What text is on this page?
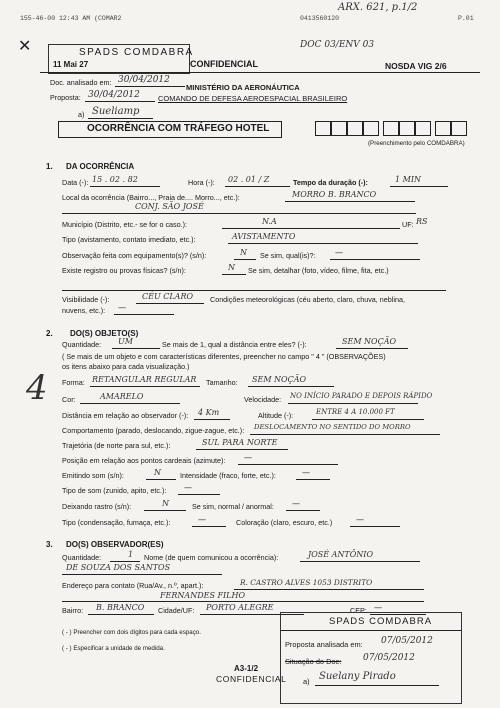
155-46-00 12:43 AM (COMAR2	0413560120	P.01
ARX. 621, p.1/2
DOC 03/ENV 03
✕	SPADS COMDABRA
11 Mai 27	CONFIDENCIAL	NOSDA VIG 2/6
Doc. analisado em: 30/04/2012
MINISTÉRIO DA AERONÁUTICA
Proposta: 30/04/2012 COMANDO DE DEFESA AEROESPACIAL BRASILEIRO
a) Sueliamp
OCORRÊNCIA COM TRÁFEGO HOTEL
(Preenchimento pelo COMDABRA)
1. DA OCORRÊNCIA
Data (-): 15 . 02 . 82	Hora (-): 02 . 01 / Z	Tempo da duração (-):	1 MIN
Local da ocorrência (Bairro..., Praia de.... Morro..., etc.):	MORRO B. BRANCO
CONJ. SÃO JOSÉ
Município (Distrito, etc.- se for o caso.):	N.A	UF: RS
Tipo (avistamento, contato imediato, etc.):	AVISTAMENTO
Observação feita com equipamento(s)? (s/n):	N Se sim, qual(is)?: —
Existe registro ou provas físicas? (s/n):	N Se sim, detalhar (foto, vídeo, filme, fita, etc.)
Visibilidade (-):	CÉU CLARO Condições meteorológicas (céu aberto, claro, chuva, neblina,
nuvens, etc.): —
2. DO(S) OBJETO(S)
Quantidade: UM	Se mais de 1, qual a distância entre eles? (-):	SEM NOÇÃO
( Se mais de um objeto e com características diferentes, preencher no campo " 4 " (OBSERVAÇÕES)
os itens abaixo para cada visualização.)
4 Forma: RETANGULAR REGULAR Tamanho: SEM NOÇÃO
Cor:	AMARELO	Velocidade: NO INÍCIO PARADO E DEPOIS RÁPIDO
Distância em relação ao observador (-): 4 Km	Altitude (-):	ENTRE 4 A 10.000 FT
Comportamento (parado, deslocando, zigue-zague, etc.): DESLOCAMENTO NO SENTIDO DO MORRO
Trajetória (de norte para sul, etc.):	SUL PARA NORTE
Posição em relação aos pontos cardeais (azimute): —
Emitindo som (s/n):	N	Intensidade (fraco, forte, etc.):	—
Tipo de som (zunido, apito, etc.): —
Deixando rastro (s/n):	N	Se sim, normal / anormal: —
Tipo (condensação, fumaça, etc.):	—	Coloração (claro, escuro, etc.)	—
3. DO(S) OBSERVADOR(ES)
Quantidade:	1 Nome (de quem comunicou a ocorrência):	JOSÉ ANTÔNIO
DE SOUZA DOS SANTOS
Endereço para contato (Rua/Av., n.º, apart.):	R. CASTRO ALVES 1053 DISTRITO
FERNANDES FILHO
Bairro: B. BRANCO Cidade/UF: PORTO ALEGRE	CEP: —
( - ) Preencher com dois dígitos para cada espaço.
( - ) Especificar a unidade de medida.
A3-1/2
CONFIDENCIAL
SPADS COMDABRA
Proposta analisada em: 07/05/2012
Situação do Doc: 07/05/2012
a) Suelany Pirado
